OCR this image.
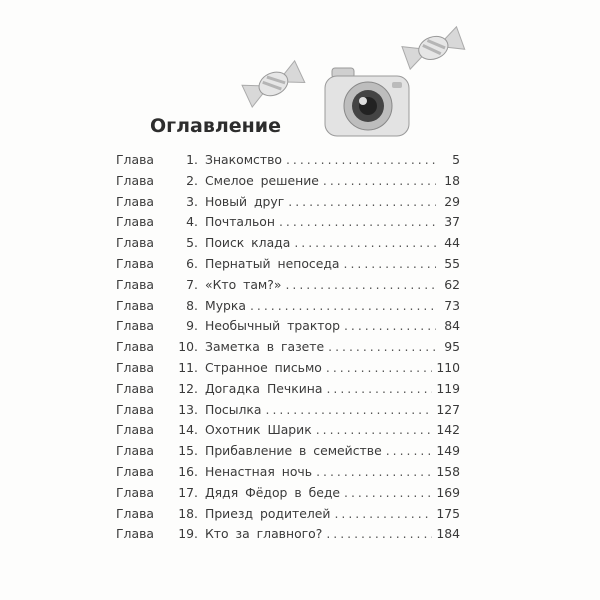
Оглавление
Глава	1. Знакомство .....	5
Глава	2. Смелое решение .....	18
Глава	3. Новый друг .....	29
Глава	4. Почтальон .....	37
Глава	5. Поиск клада .....	44
Глава	6. Пернатый непоседа .....	55
Глава	7. «Кто там?» .....	62
Глава	8. Мурка .....	73
Глава	9. Необычный трактор .....	84
Глава	10. Заметка в газете .....	95
Глава	11. Странное письмо .....	110
Глава	12. Догадка Печкина .....	119
Глава	13. Посылка .....	127
Глава	14. Охотник Шарик .....	142
Глава	15. Прибавление в семействе .....	149
Глава	16. Ненастная ночь .....	158
Глава	17. Дядя Фёдор в беде .....	169
Глава	18. Приезд родителей .....	175
Глава	19. Кто за главного? .....	184
